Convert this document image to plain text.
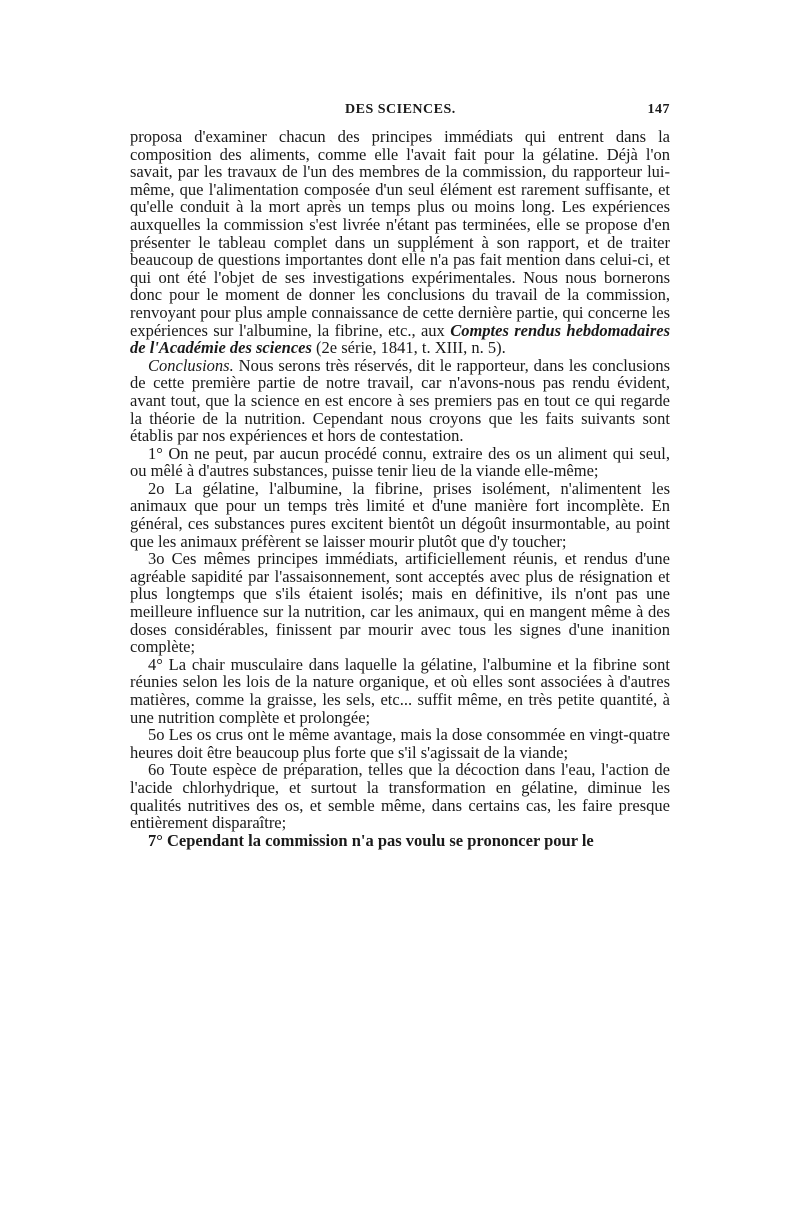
DES SCIENCES.	147

proposa d'examiner chacun des principes immédiats qui entrent dans la composition des aliments, comme elle l'avait fait pour la gélatine. Déjà l'on savait, par les travaux de l'un des membres de la commission, du rapporteur lui-même, que l'alimentation composée d'un seul élément est rarement suffisante, et qu'elle conduit à la mort après un temps plus ou moins long. Les expériences auxquelles la commission s'est livrée n'étant pas terminées, elle se propose d'en présenter le tableau complet dans un supplément à son rapport, et de traiter beaucoup de questions importantes dont elle n'a pas fait mention dans celui-ci, et qui ont été l'objet de ses investigations expérimentales. Nous nous bornerons donc pour le moment de donner les conclusions du travail de la commission, renvoyant pour plus ample connaissance de cette dernière partie, qui concerne les expériences sur l'albumine, la fibrine, etc., aux Comptes rendus hebdomadaires de l'Académie des sciences (2e série, 1841, t. XIII, n. 5).

Conclusions. Nous serons très réservés, dit le rapporteur, dans les conclusions de cette première partie de notre travail, car n'avons-nous pas rendu évident, avant tout, que la science en est encore à ses premiers pas en tout ce qui regarde la théorie de la nutrition. Cependant nous croyons que les faits suivants sont établis par nos expériences et hors de contestation.

1° On ne peut, par aucun procédé connu, extraire des os un aliment qui seul, ou mêlé à d'autres substances, puisse tenir lieu de la viande elle-même;

2o La gélatine, l'albumine, la fibrine, prises isolément, n'alimentent les animaux que pour un temps très limité et d'une manière fort incomplète. En général, ces substances pures excitent bientôt un dégoût insurmontable, au point que les animaux préfèrent se laisser mourir plutôt que d'y toucher;

3o Ces mêmes principes immédiats, artificiellement réunis, et rendus d'une agréable sapidité par l'assaisonnement, sont acceptés avec plus de résignation et plus longtemps que s'ils étaient isolés; mais en définitive, ils n'ont pas une meilleure influence sur la nutrition, car les animaux, qui en mangent même à des doses considérables, finissent par mourir avec tous les signes d'une inanition complète;

4° La chair musculaire dans laquelle la gélatine, l'albumine et la fibrine sont réunies selon les lois de la nature organique, et où elles sont associées à d'autres matières, comme la graisse, les sels, etc... suffit même, en très petite quantité, à une nutrition complète et prolongée;

5o Les os crus ont le même avantage, mais la dose consommée en vingt-quatre heures doit être beaucoup plus forte que s'il s'agissait de la viande;

6o Toute espèce de préparation, telles que la décoction dans l'eau, l'action de l'acide chlorhydrique, et surtout la transformation en gélatine, diminue les qualités nutritives des os, et semble même, dans certains cas, les faire presque entièrement disparaître;

7° Cependant la commission n'a pas voulu se prononcer pour le
